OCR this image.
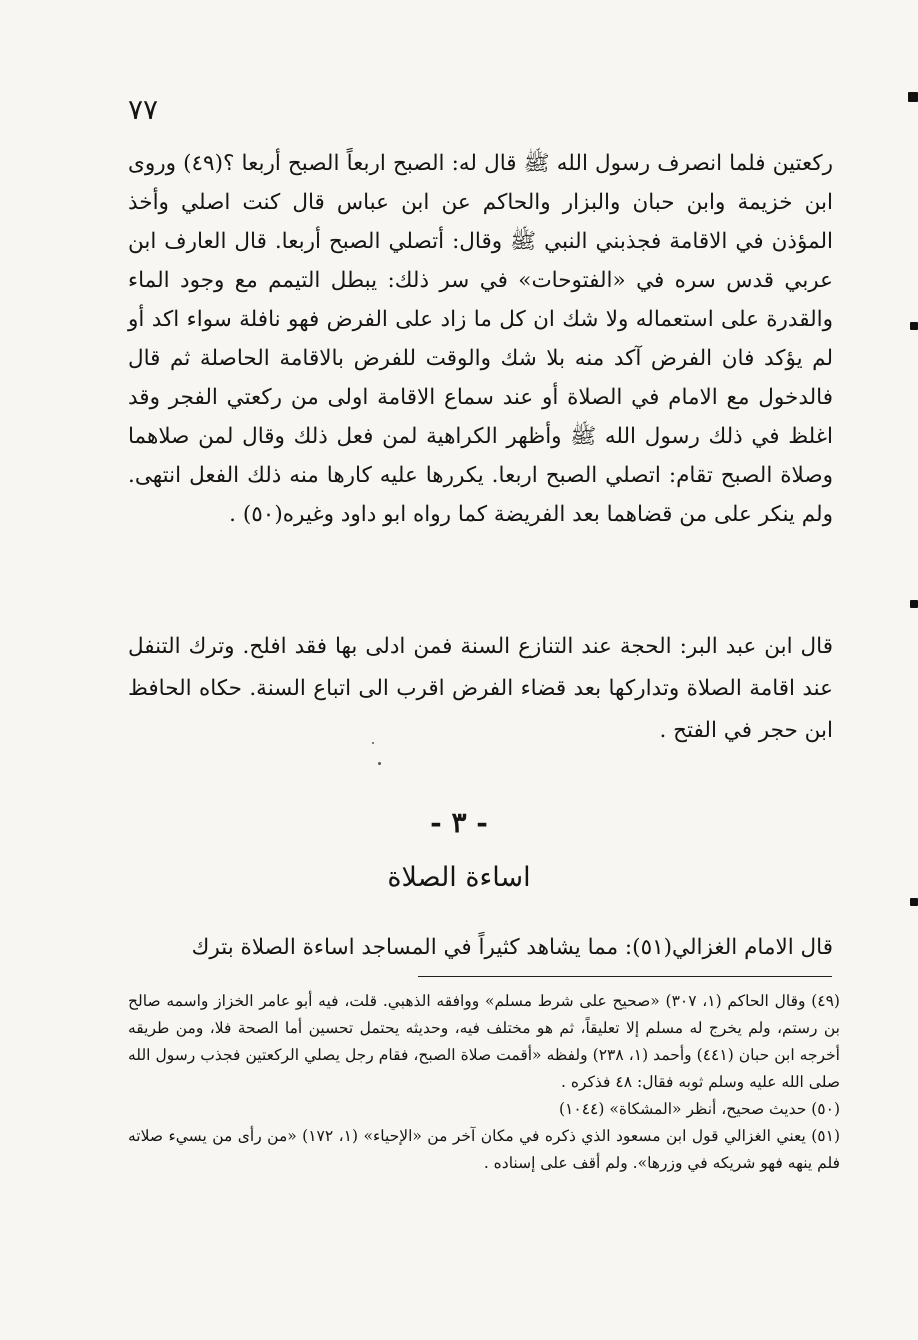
٧٧

ركعتين فلما انصرف رسول الله ﷺ قال له: الصبح اربعاً الصبح أربعا ؟(٤٩) وروى ابن خزيمة وابن حبان والبزار والحاكم عن ابن عباس قال كنت اصلي وأخذ المؤذن في الاقامة فجذبني النبي ﷺ وقال: أتصلي الصبح أربعا. قال العارف ابن عربي قدس سره في «الفتوحات» في سر ذلك: يبطل التيمم مع وجود الماء والقدرة على استعماله ولا شك ان كل ما زاد على الفرض فهو نافلة سواء اكد أو لم يؤكد فان الفرض آكد منه بلا شك والوقت للفرض بالاقامة الحاصلة ثم قال فالدخول مع الامام في الصلاة أو عند سماع الاقامة اولى من ركعتي الفجر وقد اغلظ في ذلك رسول الله ﷺ وأظهر الكراهية لمن فعل ذلك وقال لمن صلاهما وصلاة الصبح تقام: اتصلي الصبح اربعا. يكررها عليه كارها منه ذلك الفعل انتهى. ولم ينكر على من قضاهما بعد الفريضة كما رواه ابو داود وغيره(٥٠) .

قال ابن عبد البر: الحجة عند التنازع السنة فمن ادلى بها فقد افلح. وترك التنفل عند اقامة الصلاة وتداركها بعد قضاء الفرض اقرب الى اتباع السنة. حكاه الحافظ ابن حجر في الفتح .

- ٣ -
اساءة الصلاة
قال الامام الغزالي(٥١): مما يشاهد كثيراً في المساجد اساءة الصلاة بترك

(٤٩) وقال الحاكم (١، ٣٠٧) «صحيح على شرط مسلم» ووافقه الذهبي. قلت، فيه أبو عامر الخزاز واسمه صالح بن رستم، ولم يخرج له مسلم إلا تعليقاً، ثم هو مختلف فيه، وحديثه يحتمل تحسين أما الصحة فلا، ومن طريقه أخرجه ابن حبان (٤٤١) وأحمد (١، ٢٣٨) ولفظه «أقمت صلاة الصبح، فقام رجل يصلي الركعتين فجذب رسول الله صلى الله عليه وسلم ثوبه فقال: ٤٨ فذكره .

(٥٠) حديث صحيح، أنظر «المشكاة» (١٠٤٤)

(٥١) يعني الغزالي قول ابن مسعود الذي ذكره في مكان آخر من «الإحياء» (١، ١٧٢) «من رأى من يسيء صلاته فلم ينهه فهو شريكه في وزرها». ولم أقف على إسناده .
